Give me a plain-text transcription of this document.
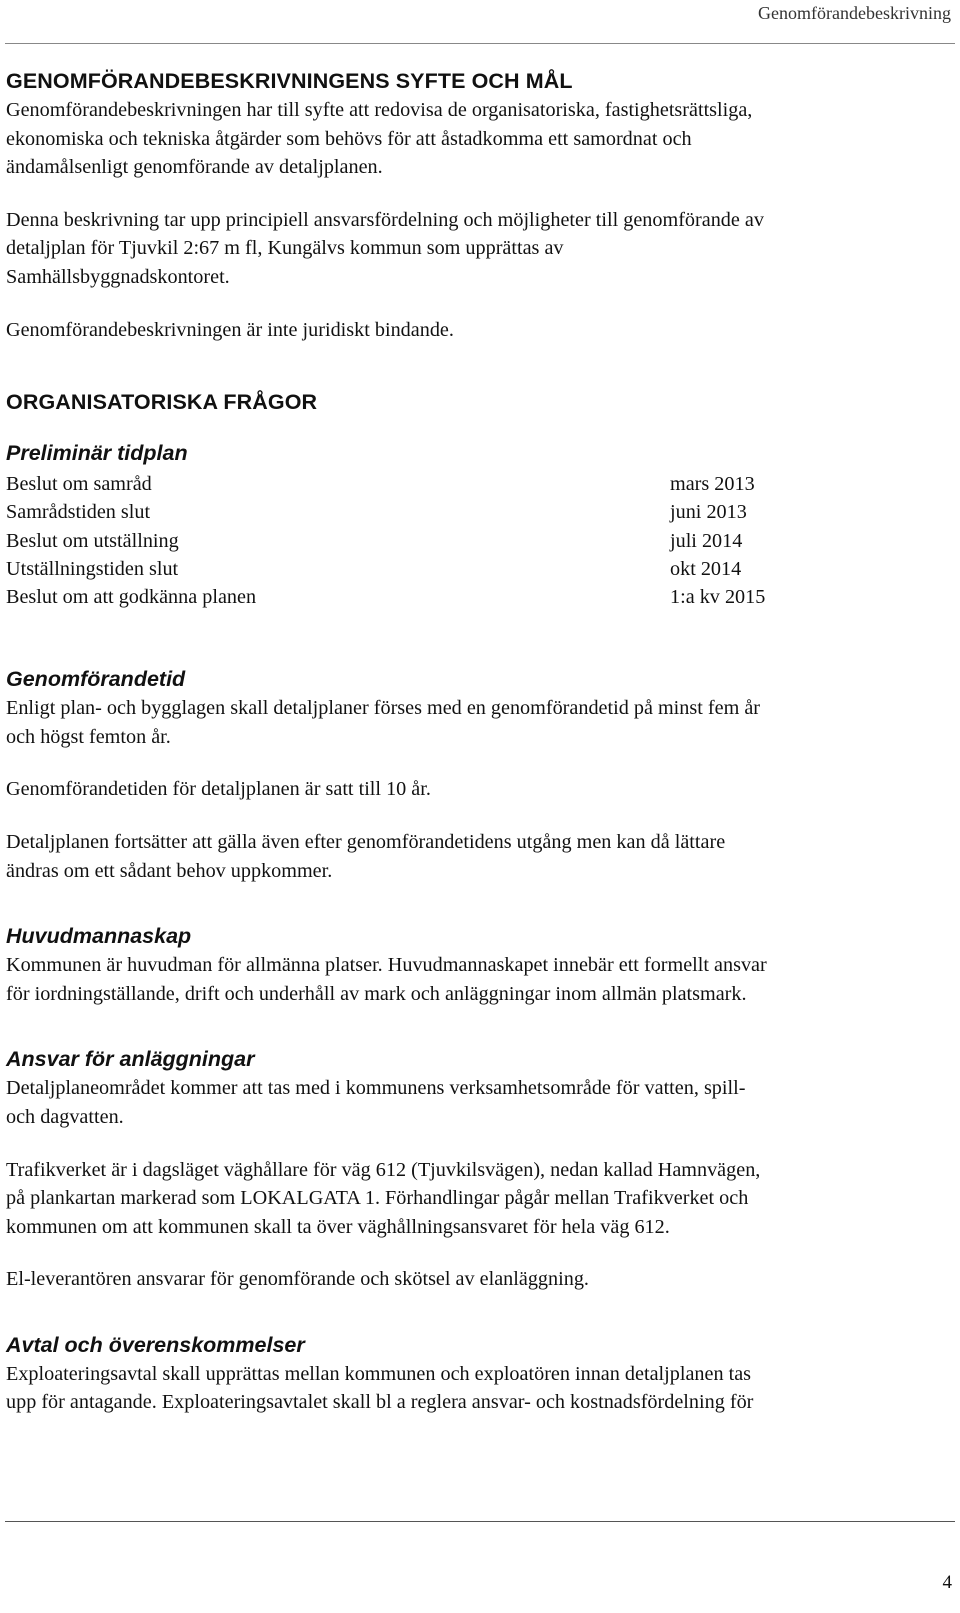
Genomförandebeskrivning
GENOMFÖRANDEBESKRIVNINGENS SYFTE OCH MÅL
Genomförandebeskrivningen har till syfte att redovisa de organisatoriska, fastighetsrättsliga,
ekonomiska och tekniska åtgärder som behövs för att åstadkomma ett samordnat och
ändamålsenligt genomförande av detaljplanen.
Denna beskrivning tar upp principiell ansvarsfördelning och möjligheter till genomförande av
detaljplan för Tjuvkil 2:67 m fl, Kungälvs kommun som upprättas av
Samhällsbyggnadskontoret.
Genomförandebeskrivningen är inte juridiskt bindande.
ORGANISATORISKA FRÅGOR
Preliminär tidplan
Beslut om samråd	mars 2013
Samrådstiden slut	juni 2013
Beslut om utställning	juli 2014
Utställningstiden slut	okt 2014
Beslut om att godkänna planen	1:a kv 2015
Genomförandetid
Enligt plan- och bygglagen skall detaljplaner förses med en genomförandetid på minst fem år
och högst femton år.
Genomförandetiden för detaljplanen är satt till 10 år.
Detaljplanen fortsätter att gälla även efter genomförandetidens utgång men kan då lättare
ändras om ett sådant behov uppkommer.
Huvudmannaskap
Kommunen är huvudman för allmänna platser. Huvudmannaskapet innebär ett formellt ansvar
för iordningställande, drift och underhåll av mark och anläggningar inom allmän platsmark.
Ansvar för anläggningar
Detaljplaneområdet kommer att tas med i kommunens verksamhetsområde för vatten, spill-
och dagvatten.
Trafikverket är i dagsläget väghållare för väg 612 (Tjuvkilsvägen), nedan kallad Hamnvägen,
på plankartan markerad som LOKALGATA 1. Förhandlingar pågår mellan Trafikverket och
kommunen om att kommunen skall ta över väghållningsansvaret för hela väg 612.
El-leverantören ansvarar för genomförande och skötsel av elanläggning.
Avtal och överenskommelser
Exploateringsavtal skall upprättas mellan kommunen och exploatören innan detaljplanen tas
upp för antagande. Exploateringsavtalet skall bl a reglera ansvar- och kostnadsfördelning för
4
